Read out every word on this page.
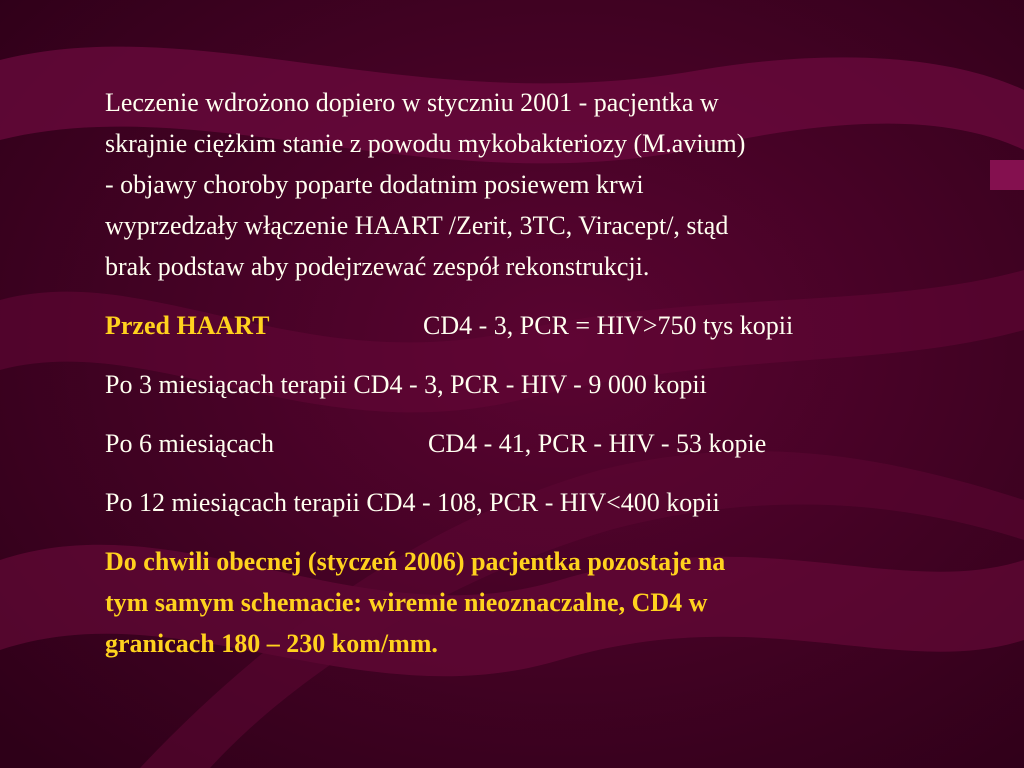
Leczenie wdrożono dopiero w styczniu 2001 - pacjentka w
skrajnie ciężkim stanie z powodu mykobakteriozy (M.avium)
- objawy choroby poparte dodatnim posiewem krwi
wyprzedzały włączenie HAART /Zerit, 3TC, Viracept/, stąd
brak podstaw aby podejrzewać zespół rekonstrukcji.
Przed HAART	CD4 - 3, PCR = HIV>750 tys kopii
Po 3 miesiącach terapii CD4 - 3, PCR - HIV - 9 000 kopii
Po 6 miesiącach	CD4 - 41, PCR - HIV - 53 kopie
Po 12 miesiącach terapii CD4 - 108, PCR - HIV<400 kopii
Do chwili obecnej (styczeń 2006) pacjentka pozostaje na
tym samym schemacie: wiremie nieoznaczalne, CD4 w
granicach 180 – 230 kom/mm.
